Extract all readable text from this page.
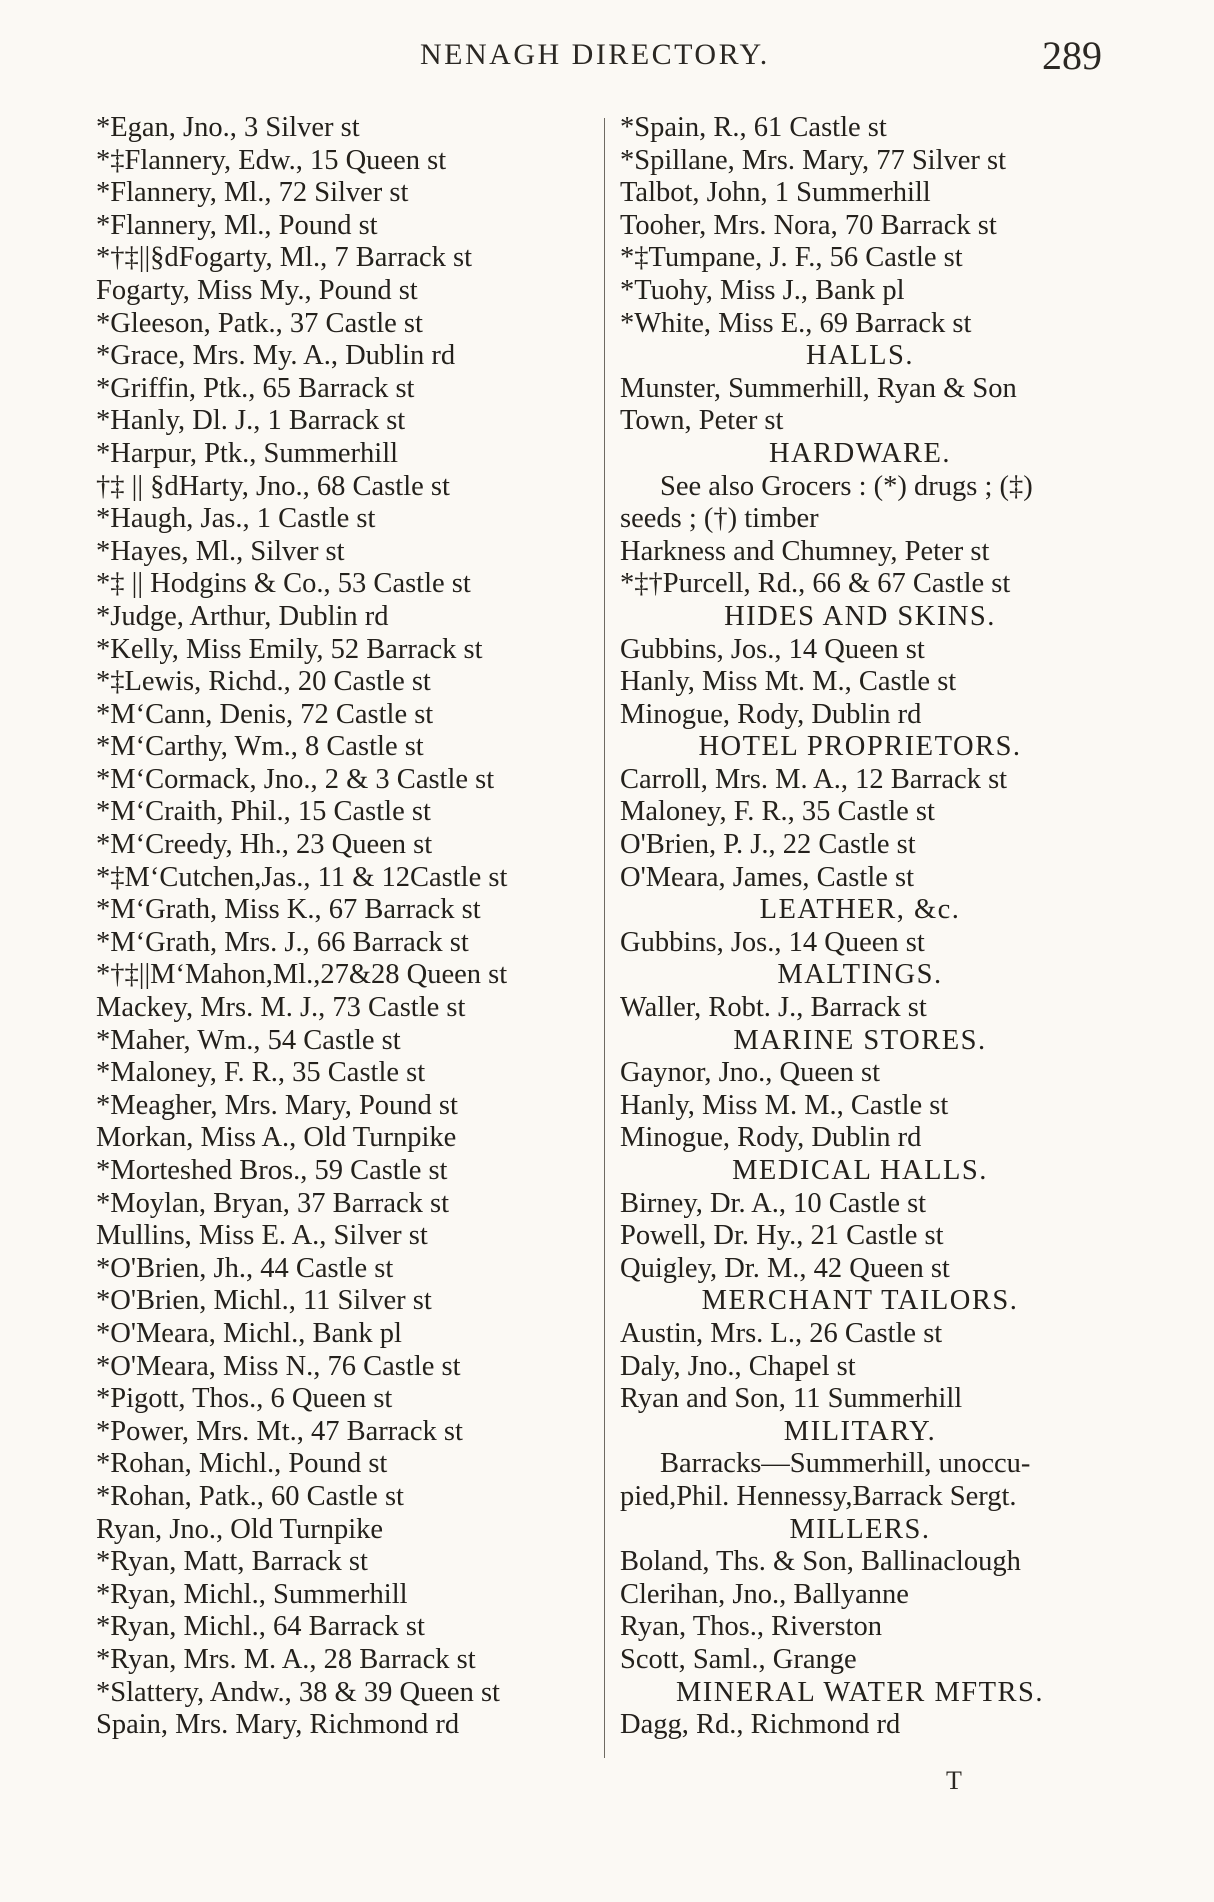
NENAGH DIRECTORY.	289
*Egan, Jno., 3 Silver st
*‡Flannery, Edw., 15 Queen st
*Flannery, Ml., 72 Silver st
*Flannery, Ml., Pound st
*†‡||§dFogarty, Ml., 7 Barrack st
Fogarty, Miss My., Pound st
*Gleeson, Patk., 37 Castle st
*Grace, Mrs. My. A., Dublin rd
*Griffin, Ptk., 65 Barrack st
*Hanly, Dl. J., 1 Barrack st
*Harpur, Ptk., Summerhill
†‡ || §dHarty, Jno., 68 Castle st
*Haugh, Jas., 1 Castle st
*Hayes, Ml., Silver st
*‡ || Hodgins & Co., 53 Castle st
*Judge, Arthur, Dublin rd
*Kelly, Miss Emily, 52 Barrack st
*‡Lewis, Richd., 20 Castle st
*M‘Cann, Denis, 72 Castle st
*M‘Carthy, Wm., 8 Castle st
*M‘Cormack, Jno., 2 & 3 Castle st
*M‘Craith, Phil., 15 Castle st
*M‘Creedy, Hh., 23 Queen st
*‡M‘Cutchen,Jas., 11 & 12Castle st
*M‘Grath, Miss K., 67 Barrack st
*M‘Grath, Mrs. J., 66 Barrack st
*†‡||M‘Mahon,Ml.,27&28 Queen st
Mackey, Mrs. M. J., 73 Castle st
*Maher, Wm., 54 Castle st
*Maloney, F. R., 35 Castle st
*Meagher, Mrs. Mary, Pound st
Morkan, Miss A., Old Turnpike
*Morteshed Bros., 59 Castle st
*Moylan, Bryan, 37 Barrack st
Mullins, Miss E. A., Silver st
*O'Brien, Jh., 44 Castle st
*O'Brien, Michl., 11 Silver st
*O'Meara, Michl., Bank pl
*O'Meara, Miss N., 76 Castle st
*Pigott, Thos., 6 Queen st
*Power, Mrs. Mt., 47 Barrack st
*Rohan, Michl., Pound st
*Rohan, Patk., 60 Castle st
Ryan, Jno., Old Turnpike
*Ryan, Matt, Barrack st
*Ryan, Michl., Summerhill
*Ryan, Michl., 64 Barrack st
*Ryan, Mrs. M. A., 28 Barrack st
*Slattery, Andw., 38 & 39 Queen st
Spain, Mrs. Mary, Richmond rd
*Spain, R., 61 Castle st
*Spillane, Mrs. Mary, 77 Silver st
Talbot, John, 1 Summerhill
Tooher, Mrs. Nora, 70 Barrack st
*‡Tumpane, J. F., 56 Castle st
*Tuohy, Miss J., Bank pl
*White, Miss E., 69 Barrack st
HALLS.
Munster, Summerhill, Ryan & Son
Town, Peter st
HARDWARE.
See also Grocers : (*) drugs ; (‡)
seeds ; (†) timber
Harkness and Chumney, Peter st
*‡†Purcell, Rd., 66 & 67 Castle st
HIDES AND SKINS.
Gubbins, Jos., 14 Queen st
Hanly, Miss Mt. M., Castle st
Minogue, Rody, Dublin rd
HOTEL PROPRIETORS.
Carroll, Mrs. M. A., 12 Barrack st
Maloney, F. R., 35 Castle st
O'Brien, P. J., 22 Castle st
O'Meara, James, Castle st
LEATHER, &c.
Gubbins, Jos., 14 Queen st
MALTINGS.
Waller, Robt. J., Barrack st
MARINE STORES.
Gaynor, Jno., Queen st
Hanly, Miss M. M., Castle st
Minogue, Rody, Dublin rd
MEDICAL HALLS.
Birney, Dr. A., 10 Castle st
Powell, Dr. Hy., 21 Castle st
Quigley, Dr. M., 42 Queen st
MERCHANT TAILORS.
Austin, Mrs. L., 26 Castle st
Daly, Jno., Chapel st
Ryan and Son, 11 Summerhill
MILITARY.
Barracks—Summerhill, unoccu-
pied,Phil. Hennessy,Barrack Sergt.
MILLERS.
Boland, Ths. & Son, Ballinaclough
Clerihan, Jno., Ballyanne
Ryan, Thos., Riverston
Scott, Saml., Grange
MINERAL WATER MFTRS.
Dagg, Rd., Richmond rd
T
